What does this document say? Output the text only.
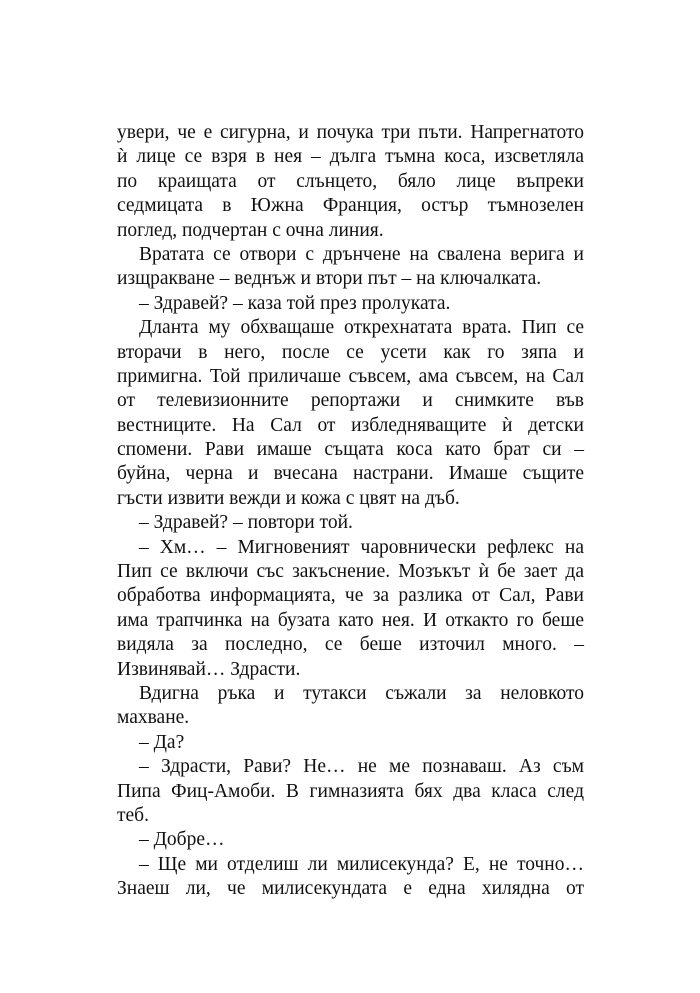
увери, че е сигурна, и почука три пъти. Напрегнатото
ѝ лице се взря в нея – дълга тъмна коса, изсветляла
по краищата от слънцето, бяло лице въпреки
седмицата в Южна Франция, остър тъмнозелен
поглед, подчертан с очна линия.
Вратата се отвори с дрънчене на свалена верига и
изщракване – веднъж и втори път – на ключалката.
– Здравей? – каза той през пролуката.
Дланта му обхващаше открехнатата врата. Пип се
вторачи в него, после се усети как го зяпа и
примигна. Той приличаше съвсем, ама съвсем, на Сал
от телевизионните репортажи и снимките във
вестниците. На Сал от избледняващите ѝ детски
спомени. Рави имаше същата коса като брат си –
буйна, черна и вчесана настрани. Имаше същите
гъсти извити вежди и кожа с цвят на дъб.
– Здравей? – повтори той.
– Хм… – Мигновеният чаровнически рефлекс на
Пип се включи със закъснение. Мозъкът ѝ бе зает да
обработва информацията, че за разлика от Сал, Рави
има трапчинка на бузата като нея. И откакто го беше
видяла за последно, се беше източил много. –
Извинявай… Здрасти.
Вдигна ръка и тутакси съжали за неловкото
махване.
– Да?
– Здрасти, Рави? Не… не ме познаваш. Аз съм
Пипа Фиц-Амоби. В гимназията бях два класа след
теб.
– Добре…
– Ще ми отделиш ли милисекунда? Е, не точно…
Знаеш ли, че милисекундата е една хилядна от
